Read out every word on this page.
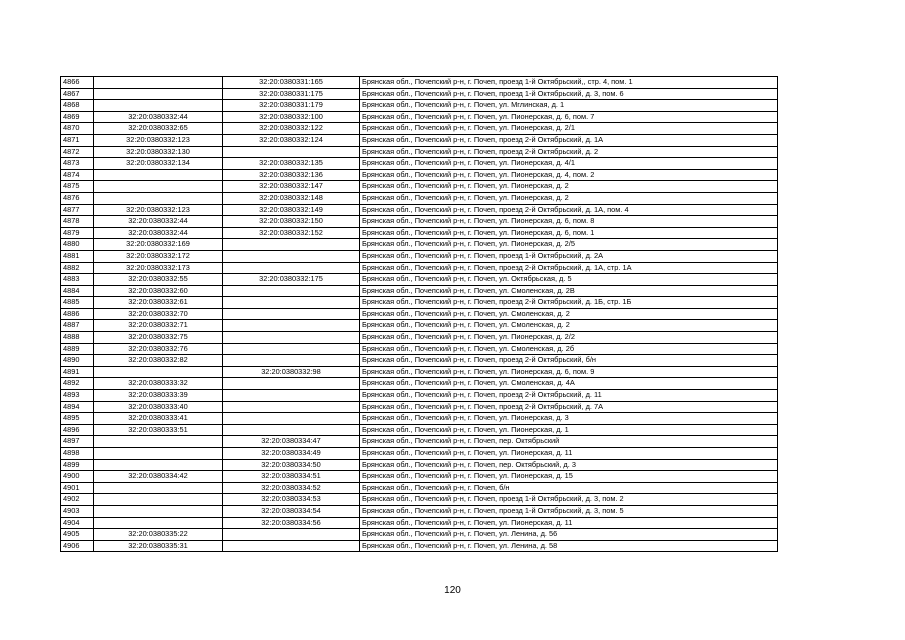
4866		32:20:0380331:165	Брянская обл., Почепский р-н, г. Почеп, проезд 1-й Октябрьский,, стр. 4, пом. 1
4867		32:20:0380331:175	Брянская обл., Почепский р-н, г. Почеп, проезд 1-й Октябрьский, д. 3, пом. 6
4868		32:20:0380331:179	Брянская обл., Почепский р-н, г. Почеп, ул. Мглинская, д. 1
4869	32:20:0380332:44	32:20:0380332:100	Брянская обл., Почепский р-н, г. Почеп, ул. Пионерская, д. 6, пом. 7
4870	32:20:0380332:65	32:20:0380332:122	Брянская обл., Почепский р-н, г. Почеп, ул. Пионерская, д. 2/1
4871	32:20:0380332:123	32:20:0380332:124	Брянская обл., Почепский р-н, г. Почеп, проезд 2-й Октябрьский, д. 1А
4872	32:20:0380332:130		Брянская обл., Почепский р-н, г. Почеп, проезд 2-й Октябрьский, д. 2
4873	32:20:0380332:134	32:20:0380332:135	Брянская обл., Почепский р-н, г. Почеп, ул. Пионерская, д. 4/1
4874		32:20:0380332:136	Брянская обл., Почепский р-н, г. Почеп, ул. Пионерская, д. 4, пом. 2
4875		32:20:0380332:147	Брянская обл., Почепский р-н, г. Почеп, ул. Пионерская, д. 2
4876		32:20:0380332:148	Брянская обл., Почепский р-н, г. Почеп, ул. Пионерская, д. 2
4877	32:20:0380332:123	32:20:0380332:149	Брянская обл., Почепский р-н, г. Почеп, проезд 2-й Октябрьский, д. 1А, пом. 4
4878	32:20:0380332:44	32:20:0380332:150	Брянская обл., Почепский р-н, г. Почеп, ул. Пионерская, д. 6, пом. 8
4879	32:20:0380332:44	32:20:0380332:152	Брянская обл., Почепский р-н, г. Почеп, ул. Пионерская, д. 6, пом. 1
4880	32:20:0380332:169		Брянская обл., Почепский р-н, г. Почеп, ул. Пионерская, д. 2/5
4881	32:20:0380332:172		Брянская обл., Почепский р-н, г. Почеп, проезд 1-й Октябрьский, д. 2А
4882	32:20:0380332:173		Брянская обл., Почепский р-н, г. Почеп, проезд 2-й Октябрьский, д. 1А, стр. 1А
4883	32:20:0380332:55	32:20:0380332:175	Брянская обл., Почепский р-н, г. Почеп, ул. Октябрьская, д. 5
4884	32:20:0380332:60		Брянская обл., Почепский р-н, г. Почеп, ул. Смоленская, д. 2В
4885	32:20:0380332:61		Брянская обл., Почепский р-н, г. Почеп, проезд 2-й Октябрьский, д. 1Б, стр. 1Б
4886	32:20:0380332:70		Брянская обл., Почепский р-н, г. Почеп, ул. Смоленская, д. 2
4887	32:20:0380332:71		Брянская обл., Почепский р-н, г. Почеп, ул. Смоленская, д. 2
4888	32:20:0380332:75		Брянская обл., Почепский р-н, г. Почеп, ул. Пионерская, д. 2/2
4889	32:20:0380332:76		Брянская обл., Почепский р-н, г. Почеп, ул. Смоленская, д. 2б
4890	32:20:0380332:82		Брянская обл., Почепский р-н, г. Почеп, проезд 2-й Октябрьский, б/н
4891		32:20:0380332:98	Брянская обл., Почепский р-н, г. Почеп, ул. Пионерская, д. 6, пом. 9
4892	32:20:0380333:32		Брянская обл., Почепский р-н, г. Почеп, ул. Смоленская, д. 4А
4893	32:20:0380333:39		Брянская обл., Почепский р-н, г. Почеп, проезд 2-й Октябрьский, д. 11
4894	32:20:0380333:40		Брянская обл., Почепский р-н, г. Почеп, проезд 2-й Октябрьский, д. 7А
4895	32:20:0380333:41		Брянская обл., Почепский р-н, г. Почеп, ул. Пионерская, д. 3
4896	32:20:0380333:51		Брянская обл., Почепский р-н, г. Почеп, ул. Пионерская, д. 1
4897		32:20:0380334:47	Брянская обл., Почепский р-н, г. Почеп, пер. Октябрьский
4898		32:20:0380334:49	Брянская обл., Почепский р-н, г. Почеп, ул. Пионерская, д. 11
4899		32:20:0380334:50	Брянская обл., Почепский р-н, г. Почеп, пер. Октябрьский, д. 3
4900	32:20:0380334:42	32:20:0380334:51	Брянская обл., Почепский р-н, г. Почеп, ул. Пионерская, д. 15
4901		32:20:0380334:52	Брянская обл., Почепский р-н, г. Почеп, б/н
4902		32:20:0380334:53	Брянская обл., Почепский р-н, г. Почеп, проезд 1-й Октябрьский, д. 3, пом. 2
4903		32:20:0380334:54	Брянская обл., Почепский р-н, г. Почеп, проезд 1-й Октябрьский, д. 3, пом. 5
4904		32:20:0380334:56	Брянская обл., Почепский р-н, г. Почеп, ул. Пионерская, д. 11
4905	32:20:0380335:22		Брянская обл., Почепский р-н, г. Почеп, ул. Ленина, д. 56
4906	32:20:0380335:31		Брянская обл., Почепский р-н, г. Почеп, ул. Ленина, д. 58
120
